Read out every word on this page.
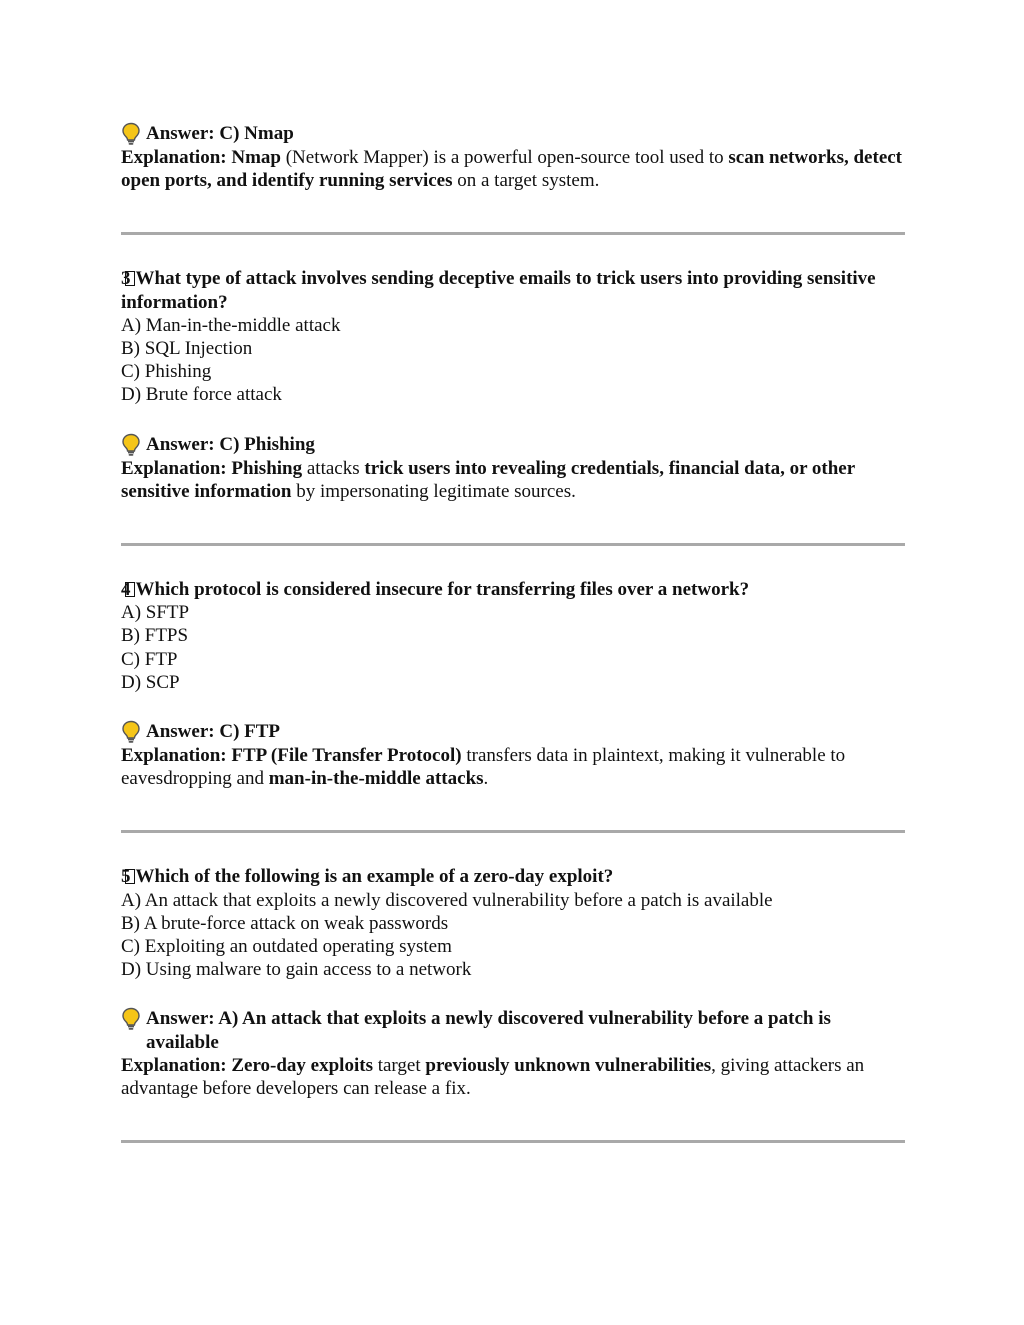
Answer: C) Nmap

Explanation: Nmap (Network Mapper) is a powerful open-source tool used to scan networks, detect open ports, and identify running services on a target system.

3 What type of attack involves sending deceptive emails to trick users into providing sensitive information?

A) Man-in-the-middle attack

B) SQL Injection

C) Phishing

D) Brute force attack

Answer: C) Phishing

Explanation: Phishing attacks trick users into revealing credentials, financial data, or other sensitive information by impersonating legitimate sources.

4 Which protocol is considered insecure for transferring files over a network?

A) SFTP

B) FTPS

C) FTP

D) SCP

Answer: C) FTP

Explanation: FTP (File Transfer Protocol) transfers data in plaintext, making it vulnerable to eavesdropping and man-in-the-middle attacks.

5 Which of the following is an example of a zero-day exploit?

A) An attack that exploits a newly discovered vulnerability before a patch is available

B) A brute-force attack on weak passwords

C) Exploiting an outdated operating system

D) Using malware to gain access to a network

Answer: A) An attack that exploits a newly discovered vulnerability before a patch is available

Explanation: Zero-day exploits target previously unknown vulnerabilities, giving attackers an advantage before developers can release a fix.
